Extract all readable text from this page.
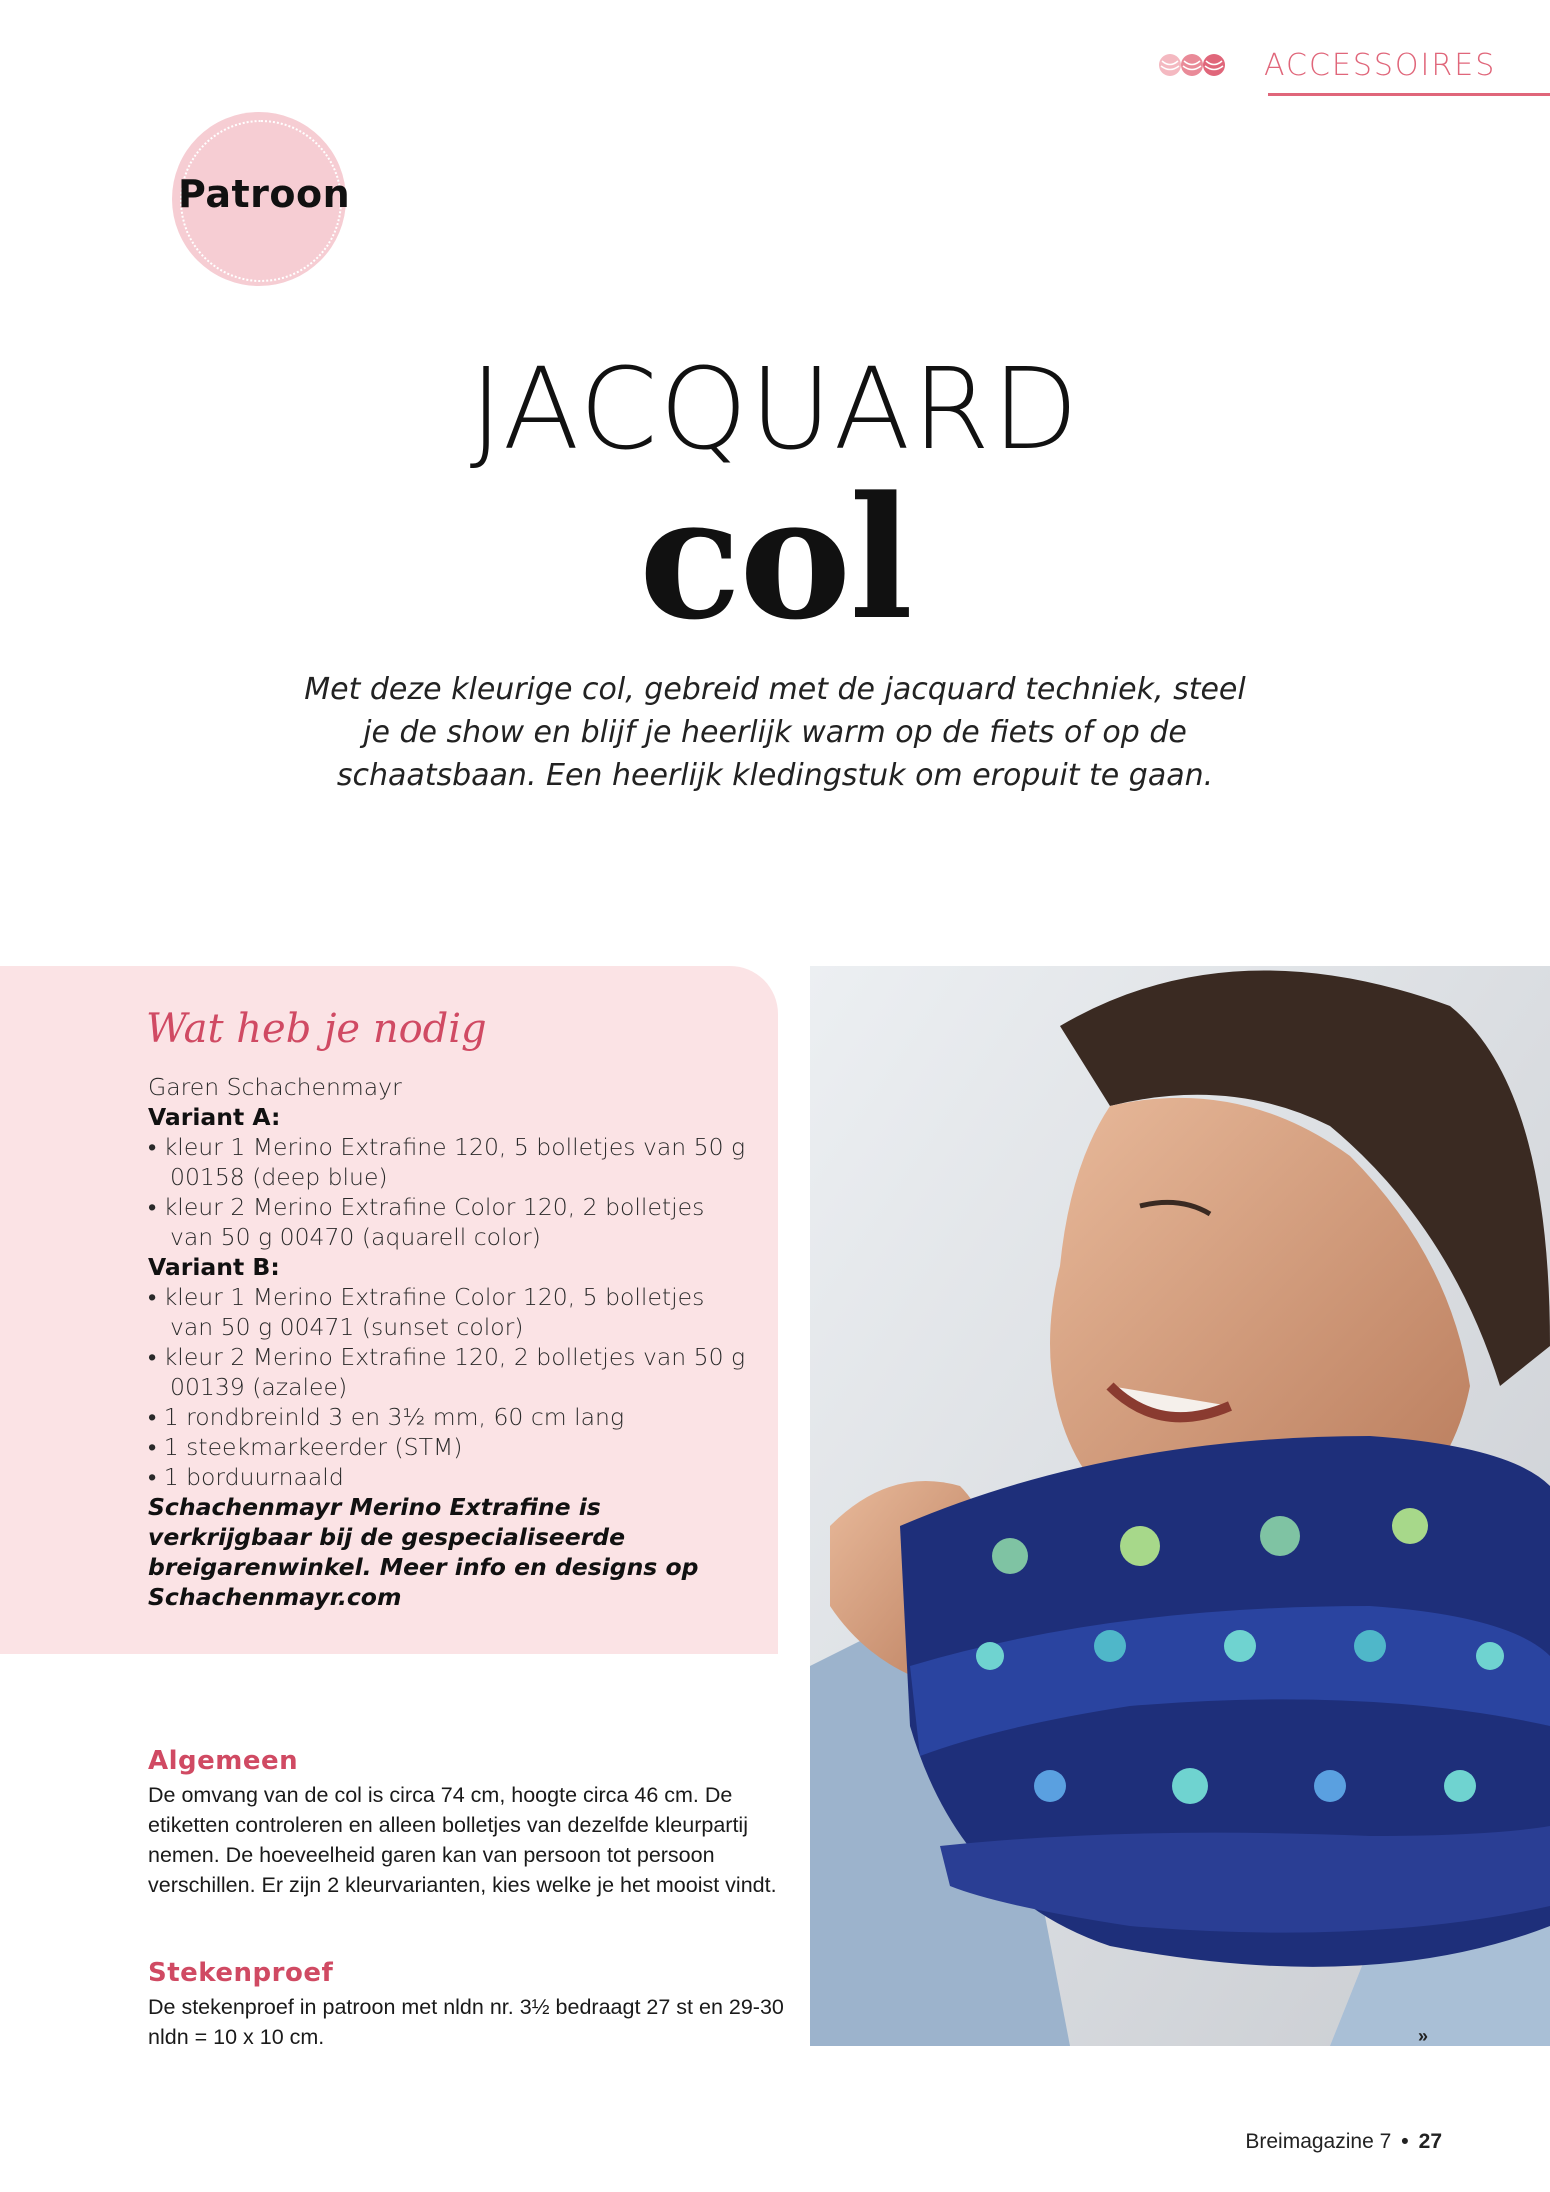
ACCESSOIRES
Patroon
JACQUARD
col

Met deze kleurige col, gebreid met de jacquard techniek, steel je de show en blijf je heerlijk warm op de fiets of op de schaatsbaan. Een heerlijk kledingstuk om eropuit te gaan.

Wat heb je nodig
Garen Schachenmayr
Variant A:
• kleur 1 Merino Extrafine 120, 5 bolletjes van 50 g 00158 (deep blue)
• kleur 2 Merino Extrafine Color 120, 2 bolletjes van 50 g 00470 (aquarell color)
Variant B:
• kleur 1 Merino Extrafine Color 120, 5 bolletjes van 50 g 00471 (sunset color)
• kleur 2 Merino Extrafine 120, 2 bolletjes van 50 g 00139 (azalee)
• 1 rondbreinld 3 en 3½ mm, 60 cm lang
• 1 steekmarkeerder (STM)
• 1 borduurnaald
Schachenmayr Merino Extrafine is verkrijgbaar bij de gespecialiseerde breigarenwinkel. Meer info en designs op Schachenmayr.com
Algemeen

De omvang van de col is circa 74 cm, hoogte circa 46 cm. De etiketten controleren en alleen bolletjes van dezelfde kleurpartij nemen. De hoeveelheid garen kan van persoon tot persoon verschillen. Er zijn 2 kleurvarianten, kies welke je het mooist vindt.

Stekenproef

De stekenproef in patroon met nldn nr. 3½ bedraagt 27 st en 29-30 nldn = 10 x 10 cm.	»
Breimagazine 7 • 27
